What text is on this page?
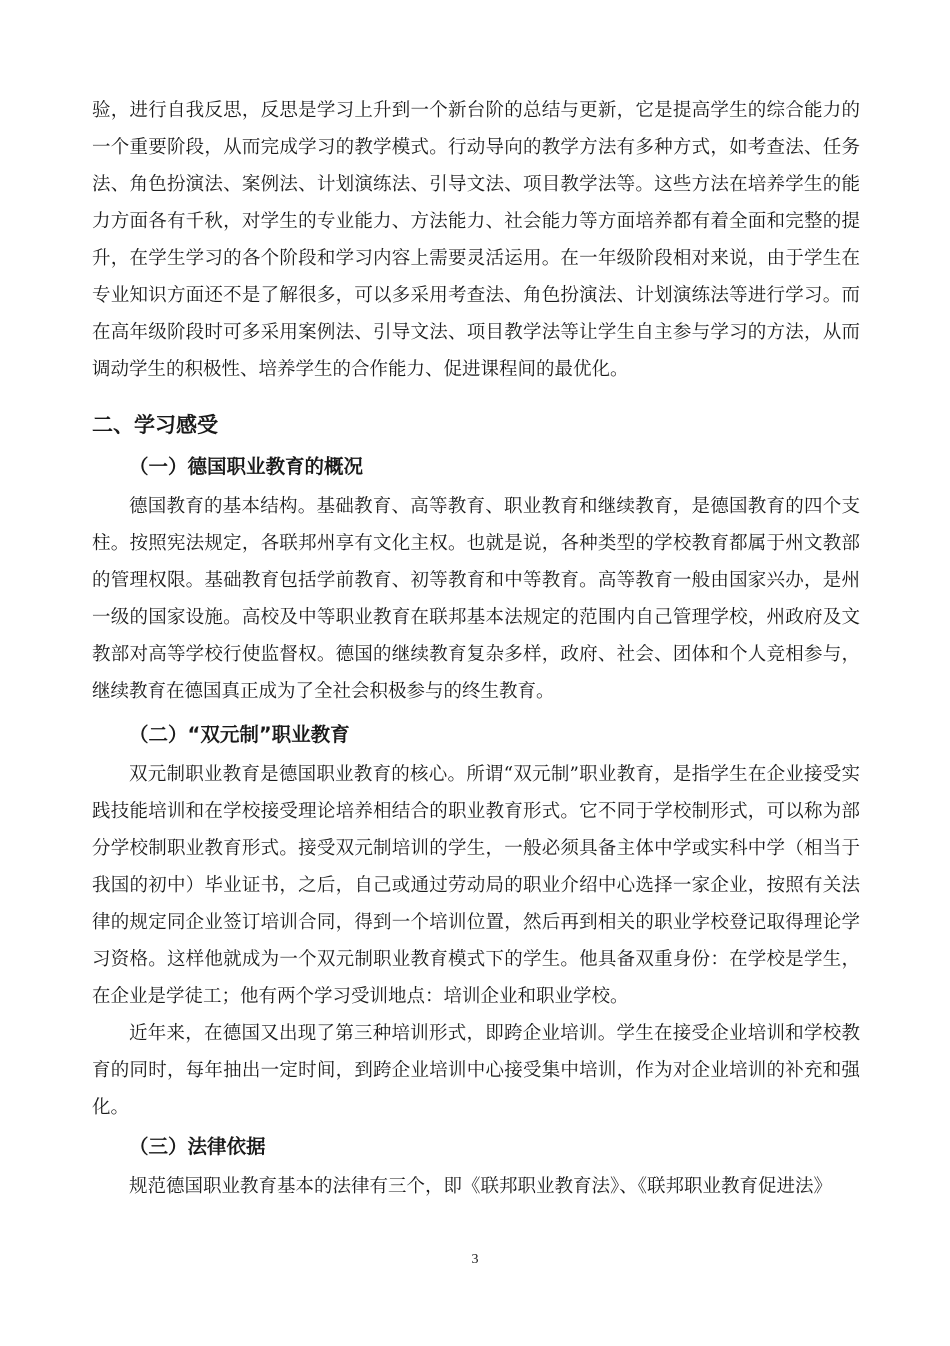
验，进行自我反思，反思是学习上升到一个新台阶的总结与更新，它是提高学生的综合能力的一个重要阶段，从而完成学习的教学模式。行动导向的教学方法有多种方式，如考查法、任务法、角色扮演法、案例法、计划演练法、引导文法、项目教学法等。这些方法在培养学生的能力方面各有千秋，对学生的专业能力、方法能力、社会能力等方面培养都有着全面和完整的提升，在学生学习的各个阶段和学习内容上需要灵活运用。在一年级阶段相对来说，由于学生在专业知识方面还不是了解很多，可以多采用考查法、角色扮演法、计划演练法等进行学习。而在高年级阶段时可多采用案例法、引导文法、项目教学法等让学生自主参与学习的方法，从而调动学生的积极性、培养学生的合作能力、促进课程间的最优化。

二、学习感受
（一）德国职业教育的概况

德国教育的基本结构。基础教育、高等教育、职业教育和继续教育，是德国教育的四个支柱。按照宪法规定，各联邦州享有文化主权。也就是说，各种类型的学校教育都属于州文教部的管理权限。基础教育包括学前教育、初等教育和中等教育。高等教育一般由国家兴办，是州一级的国家设施。高校及中等职业教育在联邦基本法规定的范围内自己管理学校，州政府及文教部对高等学校行使监督权。德国的继续教育复杂多样，政府、社会、团体和个人竞相参与，继续教育在德国真正成为了全社会积极参与的终生教育。

（二）“双元制”职业教育

双元制职业教育是德国职业教育的核心。所谓“双元制”职业教育，是指学生在企业接受实践技能培训和在学校接受理论培养相结合的职业教育形式。它不同于学校制形式，可以称为部分学校制职业教育形式。接受双元制培训的学生，一般必须具备主体中学或实科中学（相当于我国的初中）毕业证书，之后，自己或通过劳动局的职业介绍中心选择一家企业，按照有关法律的规定同企业签订培训合同，得到一个培训位置，然后再到相关的职业学校登记取得理论学习资格。这样他就成为一个双元制职业教育模式下的学生。他具备双重身份：在学校是学生，在企业是学徒工；他有两个学习受训地点：培训企业和职业学校。

近年来，在德国又出现了第三种培训形式，即跨企业培训。学生在接受企业培训和学校教育的同时，每年抽出一定时间，到跨企业培训中心接受集中培训，作为对企业培训的补充和强化。

（三）法律依据

规范德国职业教育基本的法律有三个，即《联邦职业教育法》、《联邦职业教育促进法》

3
